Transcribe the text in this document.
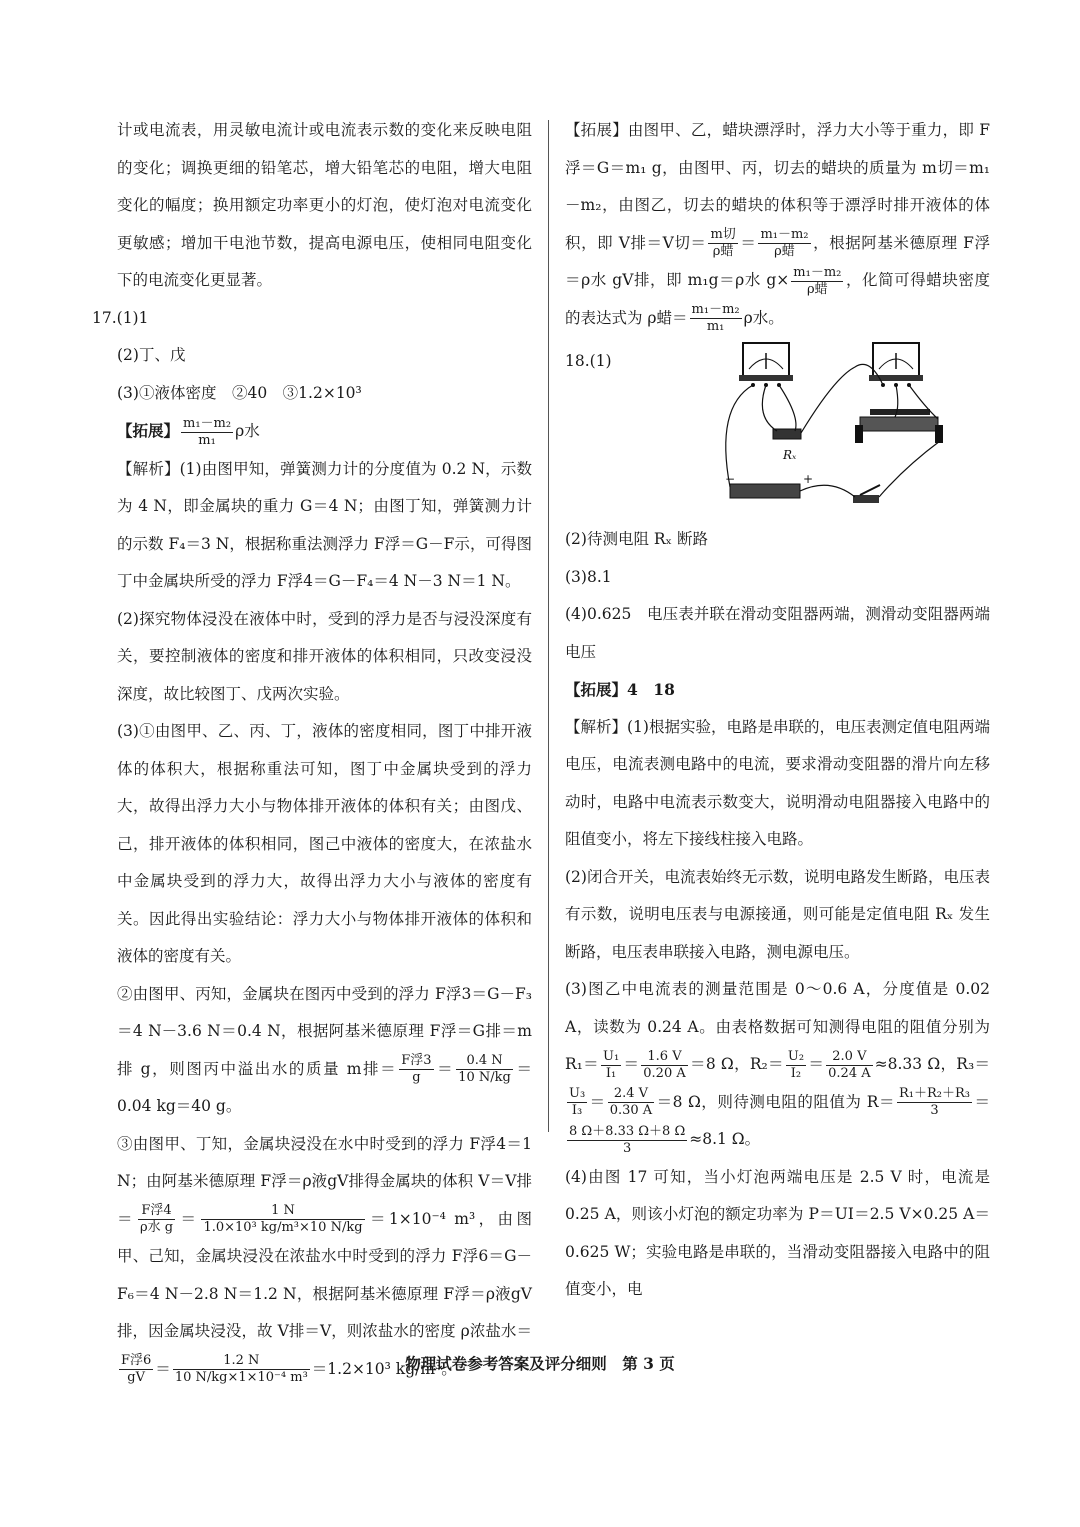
计或电流表，用灵敏电流计或电流表示数的变化来反映电阻的变化；调换更细的铅笔芯，增大铅笔芯的电阻，增大电阻变化的幅度；换用额定功率更小的灯泡，使灯泡对电流变化更敏感；增加干电池节数，提高电源电压，使相同电阻变化下的电流变化更显著。

17.(1)1

(2)丁、戊

(3)①液体密度　②40　③1.2×10³

【拓展】 $\frac{\text{m₁－m₂}}{\text{m₁}}$ ρ水

【解析】(1)由图甲知，弹簧测力计的分度值为 0.2 N，示数为 4 N，即金属块的重力 G＝4 N；由图丁知，弹簧测力计的示数 F₄＝3 N，根据称重法测浮力 F浮＝G－F示，可得图丁中金属块所受的浮力 F浮4＝G－F₄＝4 N－3 N＝1 N。

(2)探究物体浸没在液体中时，受到的浮力是否与浸没深度有关，要控制液体的密度和排开液体的体积相同，只改变浸没深度，故比较图丁、戊两次实验。

(3)①由图甲、乙、丙、丁，液体的密度相同，图丁中排开液体的体积大，根据称重法可知，图丁中金属块受到的浮力大，故得出浮力大小与物体排开液体的体积有关；由图戊、己，排开液体的体积相同，图己中液体的密度大，在浓盐水中金属块受到的浮力大，故得出浮力大小与液体的密度有关。因此得出实验结论：浮力大小与物体排开液体的体积和液体的密度有关。

②由图甲、丙知，金属块在图丙中受到的浮力 F浮3＝G－F₃＝4 N－3.6 N＝0.4 N，根据阿基米德原理 F浮＝G排＝m排 g，则图丙中溢出水的质量 m排＝ $\frac{\text{F浮3}}{g} = \frac{0.4 N}{10 N/kg} =0.04$ kg＝40 g。

③由图甲、丁知，金属块浸没在水中时受到的浮力 F浮4＝1 N；由阿基米德原理 F浮＝ρ液gV排得金属块的体积 V＝V排＝ $\frac{\text{F浮4}}{\text{ρ水 g}} = \frac{1 N}{\text{1.0×10³ kg/m³×10 N/kg}} =1\times 10^{-4}$ m³，由图甲、己知，金属块浸没在浓盐水中时受到的浮力 F浮6＝G－F₆＝4 N－2.8 N＝1.2 N，根据阿基米德原理 F浮＝ρ液gV排，因金属块浸没，故 V排＝V，则浓盐水的密度 ρ浓盐水＝
$\frac{\text{F浮6}}{gV} = \frac{1.2 N}{\text{10 N/kg×1×10⁻⁴ m³}} =1.2\times 10^3$ kg/m³。

【拓展】由图甲、乙，蜡块漂浮时，浮力大小等于重力，即 F浮＝G＝m₁ g，由图甲、丙，切去的蜡块的质量为 m切＝m₁－m₂，由图乙，切去的蜡块的体积等于漂浮时排开液体的体积，即 V排＝V切＝ $\frac{\text{m切}}{\text{ρ蜡}} = \frac{\text{m₁－m₂}}{\text{ρ蜡}}$ ，根据阿基米德原理 F浮＝ρ水 gV排，即 m₁g＝ρ水 $g\times \frac{\text{m₁－m₂}}{\text{ρ蜡}}$ ，化简可得蜡块密度的表达式为 ρ蜡＝ $\frac{\text{m₁－m₂}}{\text{m₁}}$ ρ水。

18.(1)
Rₓ
−	+

(2)待测电阻 Rₓ 断路

(3)8.1

(4)0.625　电压表并联在滑动变阻器两端，测滑动变阻器两端电压

【拓展】4　18

【解析】(1)根据实验，电路是串联的，电压表测定值电阻两端电压，电流表测电路中的电流，要求滑动变阻器的滑片向左移动时，电路中电流表示数变大，说明滑动电阻器接入电路中的阻值变小，将左下接线柱接入电路。

(2)闭合开关，电流表始终无示数，说明电路发生断路，电压表有示数，说明电压表与电源接通，则可能是定值电阻 Rₓ 发生断路，电压表串联接入电路，测电源电压。

(3)图乙中电流表的测量范围是 0～0.6 A，分度值是 0.02 A，读数为 0.24 A。由表格数据可知测得电阻的阻值分别为 $R_1= \frac{\text{U₁}}{\text{I₁}} = \frac{1.6 V}{0.20 A} =8$ Ω，$R_2= \frac{\text{U₂}}{\text{I₂}} = \frac{2.0 V}{0.24 A} \approx 8.33$ Ω，R₃＝
$\frac{\text{U₃}}{\text{I₃}} = \frac{2.4 V}{0.30 A} =8$ Ω，则待测电阻的阻值为 $R= \frac{\text{R₁＋R₂＋R₃}}{3}$ ＝
$\frac{8 \Omega+8.33 \Omega+8 \Omega}{3} \approx 8.1$ Ω。

(4)由图 17 可知，当小灯泡两端电压是 2.5 V 时，电流是 0.25 A，则该小灯泡的额定功率为 P＝UI＝2.5 V×0.25 A＝0.625 W；实验电路是串联的，当滑动变阻器接入电路中的阻值变小，电

物理试卷参考答案及评分细则　第 3 页
